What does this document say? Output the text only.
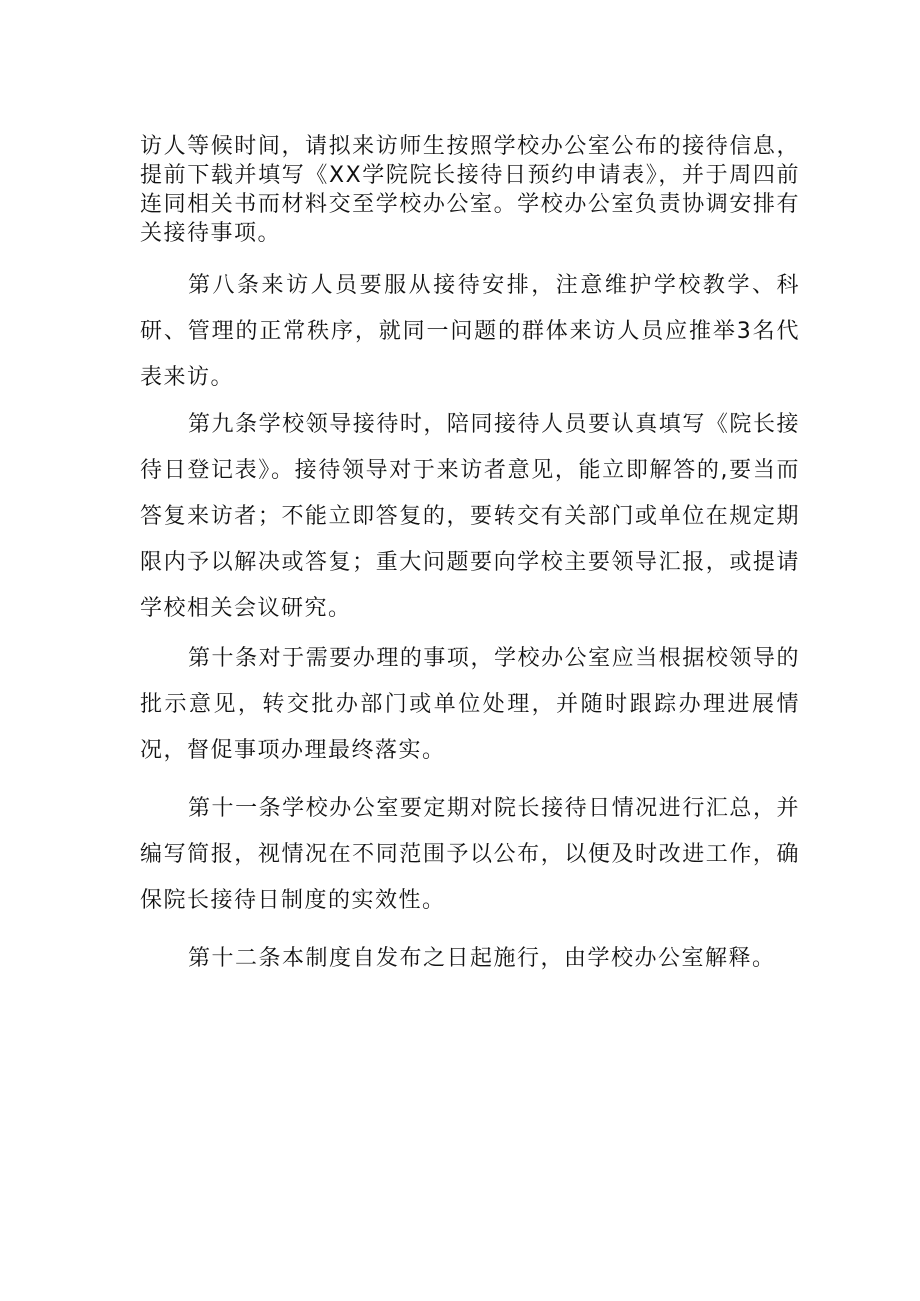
访人等候时间，请拟来访师生按照学校办公室公布的接待信息，提前下载并填写《XX学院院长接待日预约申请表》，并于周四前连同相关书而材料交至学校办公室。学校办公室负责协调安排有关接待事项。

第八条来访人员要服从接待安排，注意维护学校教学、科研、管理的正常秩序，就同一问题的群体来访人员应推举3名代表来访。

第九条学校领导接待时，陪同接待人员要认真填写《院长接待日登记表》。接待领导对于来访者意见，能立即解答的,要当而答复来访者；不能立即答复的，要转交有关部门或单位在规定期限内予以解决或答复；重大问题要向学校主要领导汇报，或提请学校相关会议研究。

第十条对于需要办理的事项，学校办公室应当根据校领导的批示意见，转交批办部门或单位处理，并随时跟踪办理进展情况，督促事项办理最终落实。

第十一条学校办公室要定期对院长接待日情况进行汇总，并编写简报，视情况在不同范围予以公布，以便及时改进工作，确保院长接待日制度的实效性。

第十二条本制度自发布之日起施行，由学校办公室解释。
